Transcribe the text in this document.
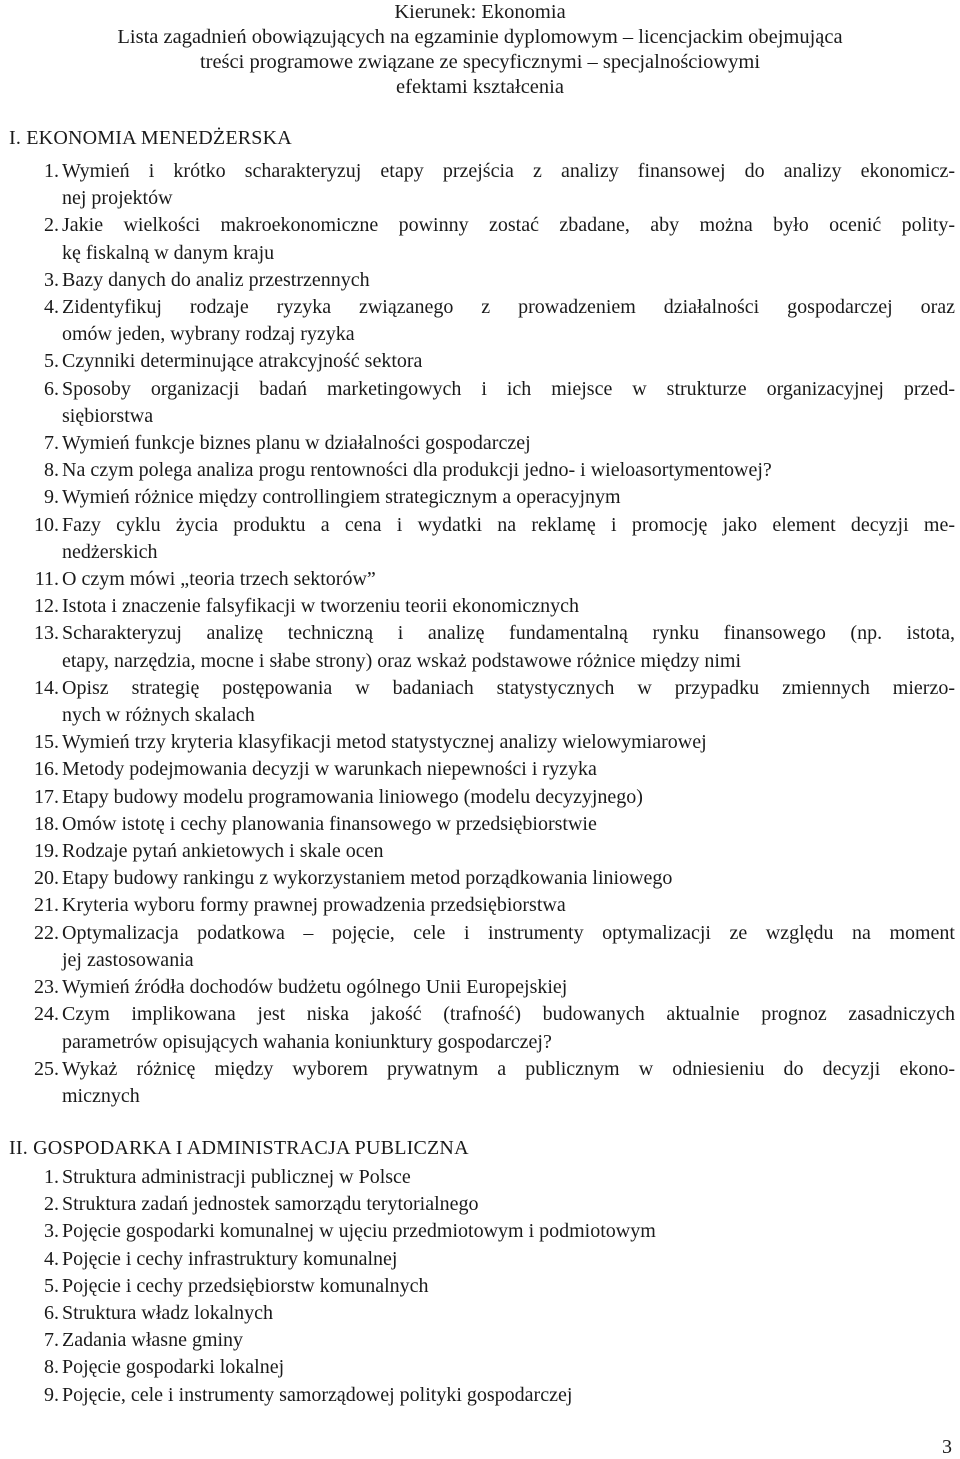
Kierunek: Ekonomia
Lista zagadnień obowiązujących na egzaminie dyplomowym – licencjackim obejmująca
treści programowe związane ze specyficznymi – specjalnościowymi
efektami kształcenia
I. EKONOMIA MENEDŻERSKA
1. Wymień i krótko scharakteryzuj etapy przejścia z analizy finansowej do analizy ekonomicz-
nej projektów
2. Jakie wielkości makroekonomiczne powinny zostać zbadane, aby można było ocenić polity-
kę fiskalną w danym kraju
3. Bazy danych do analiz przestrzennych
4. Zidentyfikuj rodzaje ryzyka związanego z prowadzeniem działalności gospodarczej oraz
omów jeden, wybrany rodzaj ryzyka
5. Czynniki determinujące atrakcyjność sektora
6. Sposoby organizacji badań marketingowych i ich miejsce w strukturze organizacyjnej przed-
siębiorstwa
7. Wymień funkcje biznes planu w działalności gospodarczej
8. Na czym polega analiza progu rentowności dla produkcji jedno- i wieloasortymentowej?
9. Wymień różnice między controllingiem strategicznym a operacyjnym
10. Fazy cyklu życia produktu a cena i wydatki na reklamę i promocję jako element decyzji me-
nedżerskich
11. O czym mówi „teoria trzech sektorów”
12. Istota i znaczenie falsyfikacji w tworzeniu teorii ekonomicznych
13. Scharakteryzuj analizę techniczną i analizę fundamentalną rynku finansowego (np. istota,
etapy, narzędzia, mocne i słabe strony) oraz wskaż podstawowe różnice między nimi
14. Opisz strategię postępowania w badaniach statystycznych w przypadku zmiennych mierzo-
nych w różnych skalach
15. Wymień trzy kryteria klasyfikacji metod statystycznej analizy wielowymiarowej
16. Metody podejmowania decyzji w warunkach niepewności i ryzyka
17. Etapy budowy modelu programowania liniowego (modelu decyzyjnego)
18. Omów istotę i cechy planowania finansowego w przedsiębiorstwie
19. Rodzaje pytań ankietowych i skale ocen
20. Etapy budowy rankingu z wykorzystaniem metod porządkowania liniowego
21. Kryteria wyboru formy prawnej prowadzenia przedsiębiorstwa
22. Optymalizacja podatkowa – pojęcie, cele i instrumenty optymalizacji ze względu na moment
jej zastosowania
23. Wymień źródła dochodów budżetu ogólnego Unii Europejskiej
24. Czym implikowana jest niska jakość (trafność) budowanych aktualnie prognoz zasadniczych
parametrów opisujących wahania koniunktury gospodarczej?
25. Wykaż różnicę między wyborem prywatnym a publicznym w odniesieniu do decyzji ekono-
micznych
II. GOSPODARKA I ADMINISTRACJA PUBLICZNA
1. Struktura administracji publicznej w Polsce
2. Struktura zadań jednostek samorządu terytorialnego
3. Pojęcie gospodarki komunalnej w ujęciu przedmiotowym i podmiotowym
4. Pojęcie i cechy infrastruktury komunalnej
5. Pojęcie i cechy przedsiębiorstw komunalnych
6. Struktura władz lokalnych
7. Zadania własne gminy
8. Pojęcie gospodarki lokalnej
9. Pojęcie, cele i instrumenty samorządowej polityki gospodarczej
3
